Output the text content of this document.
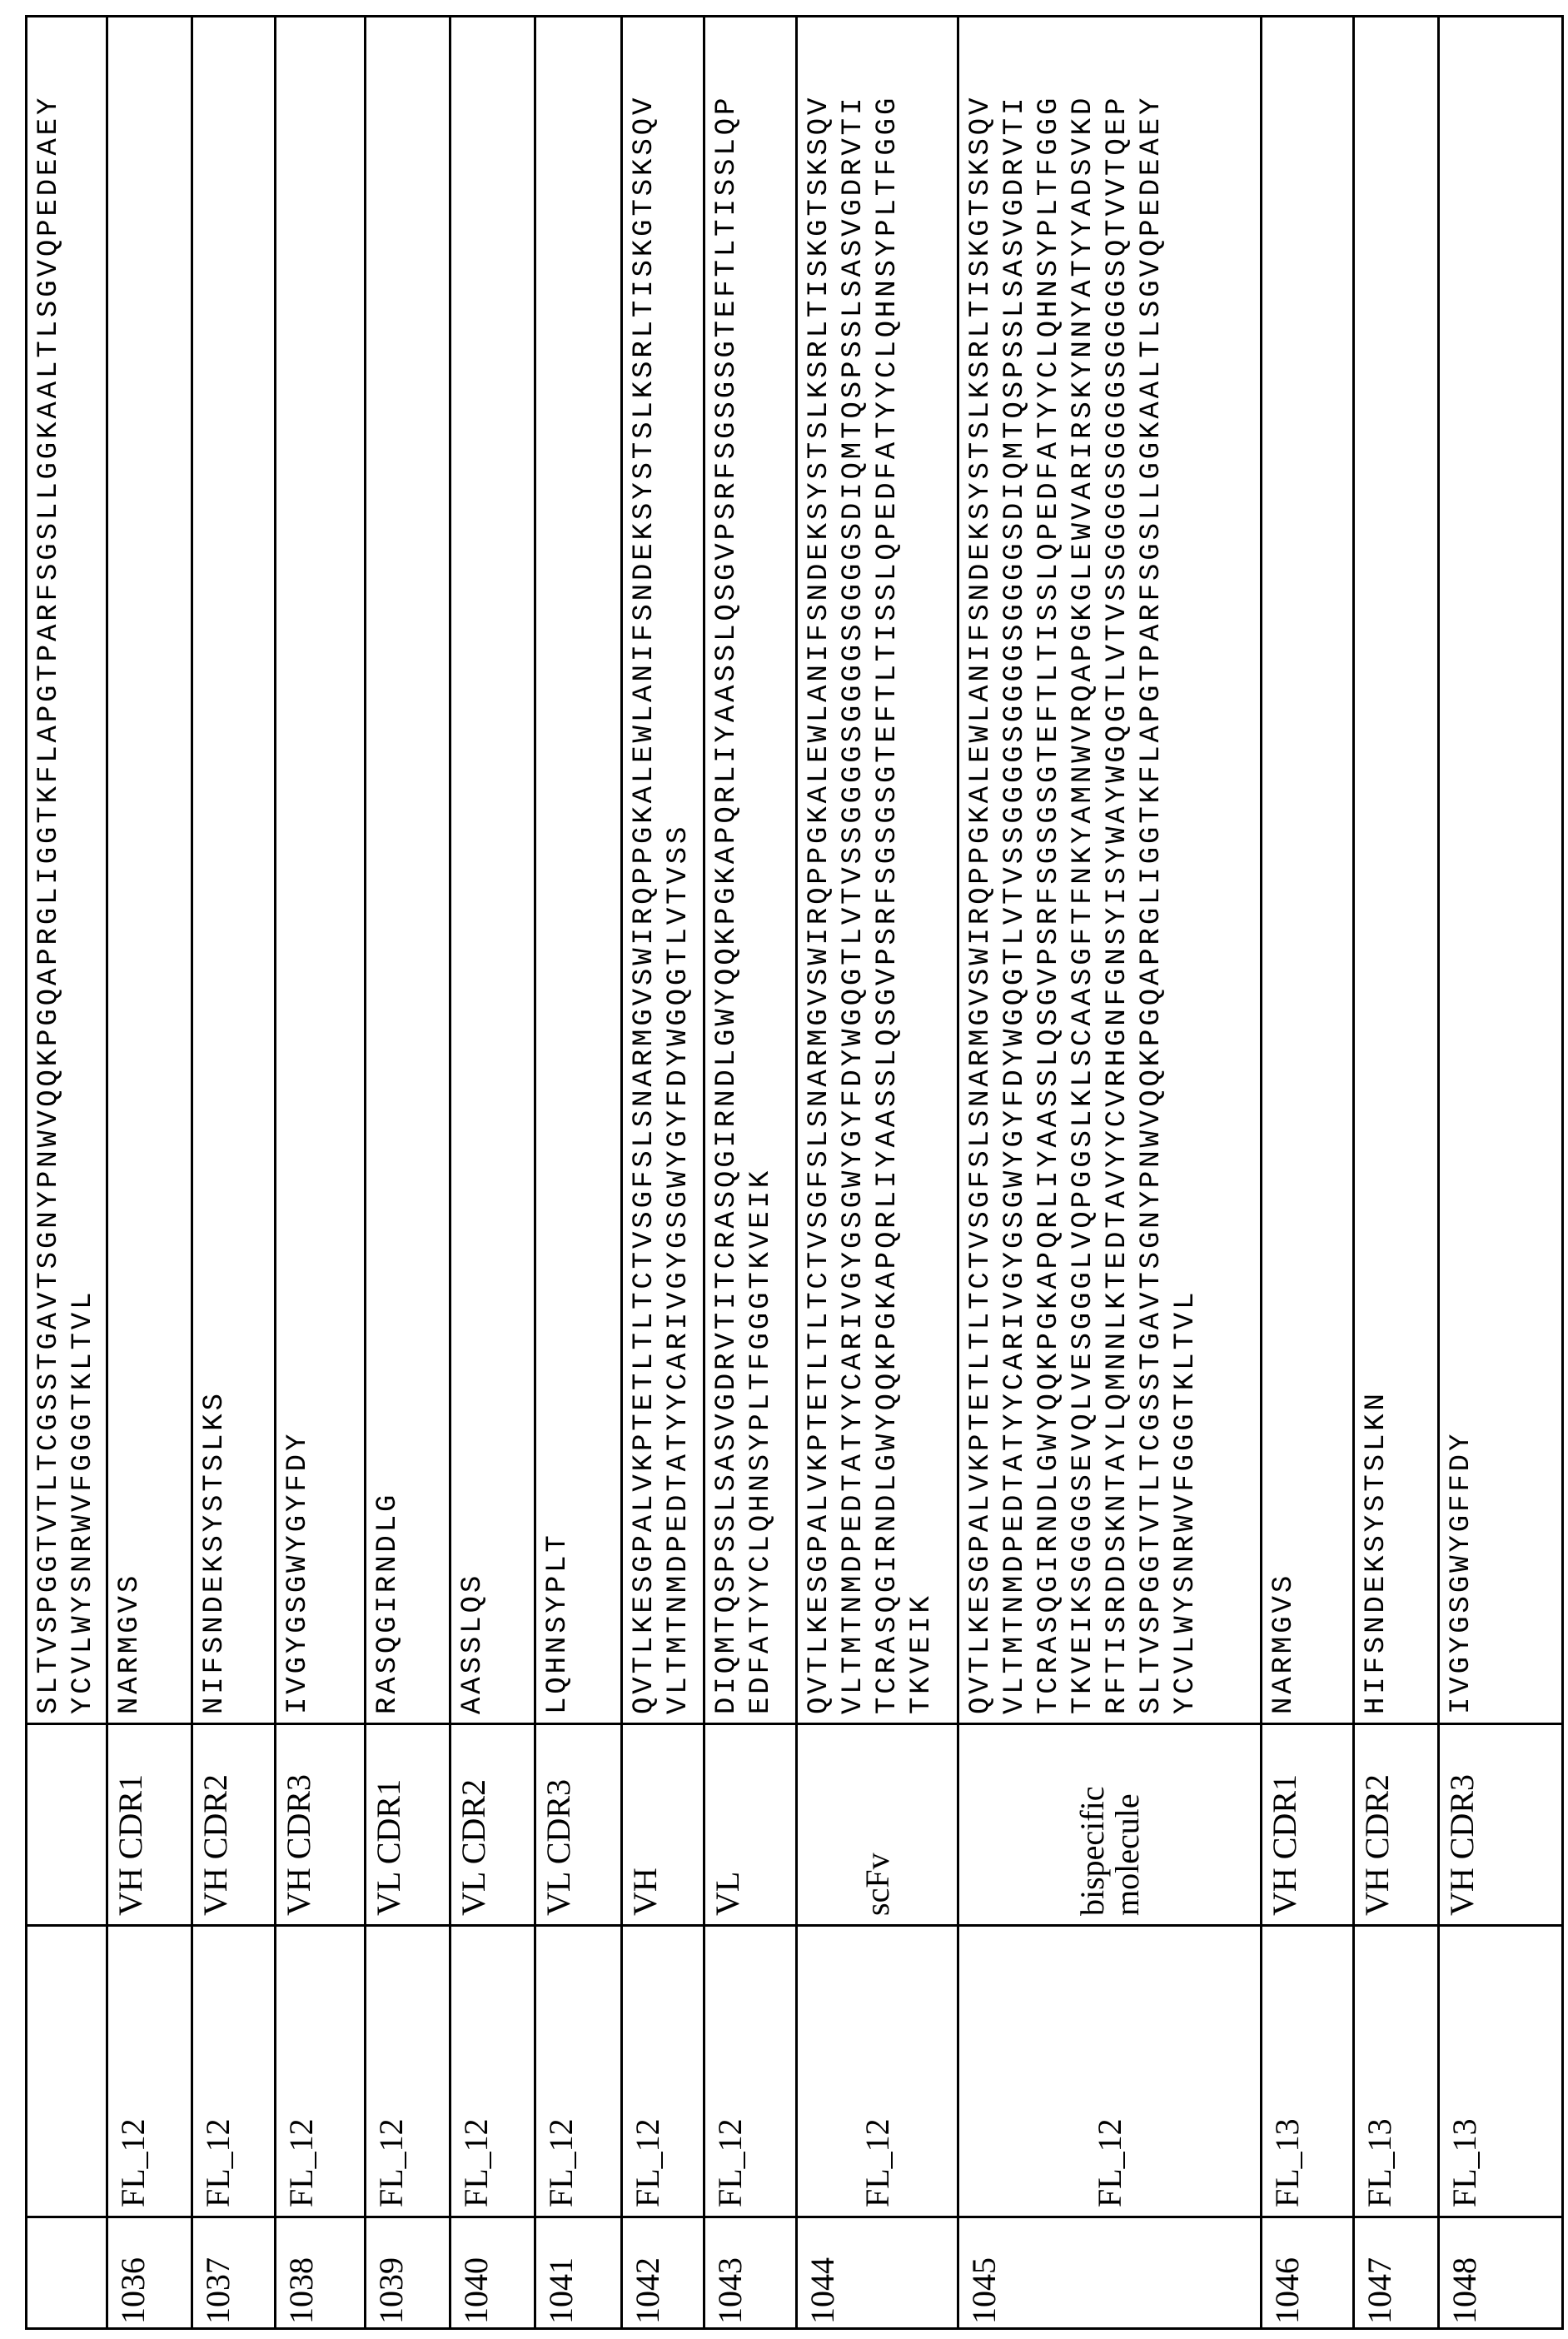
			SLTVSPGGTVTLTCGSSTGAVTSGNYPNWVQQKPGQAPRGLIGGTKFLAPGTPARFSGSLLGGKAALTLSGVQPEDEAEY
YCVLWYSNRWVFGGGTKLTVL
1036	FL_12	VH CDR1	NARMGVS
1037	FL_12	VH CDR2	NIFSNDEKSYSTSLKS
1038	FL_12	VH CDR3	IVGYGSGWYGYFDY
1039	FL_12	VL CDR1	RASQGIRNDLG
1040	FL_12	VL CDR2	AASSLQS
1041	FL_12	VL CDR3	LQHNSYPLT
1042	FL_12	VH	QVTLKESGPALVKPTETLTLTCTVSGFSLSNARMGVSWIRQPPGKALEWLANIFSNDEKSYSTSLKSRLTISKGTSKSQV
VLTMTNMDPEDTATYYCARIVGYGSGWYGYFDYWGQGTLVTVSS
1043	FL_12	VL	DIQMTQSPSSLSASVGDRVTITCRASQGIRNDLGWYQQKPGKAPQRLIYAASSLQSGVPSRFSGSGSGTEFTLTISSLQP
EDFATYYCLQHNSYPLTFGGGTKVEIK
1044	FL_12	scFv	QVTLKESGPALVKPTETLTLTCTVSGFSLSNARMGVSWIRQPPGKALEWLANIFSNDEKSYSTSLKSRLTISKGTSKSQV
VLTMTNMDPEDTATYYCARIVGYGSGWYGYFDYWGQGTLVTVSSGGGGSGGGGSGGGGSDIQMTQSPSSLSASVGDRVTI
TCRASQGIRNDLGWYQQKPGKAPQRLIYAASSLQSGVPSRFSGSGSGTEFTLTISSLQPEDFATYYCLQHNSYPLTFGGG
TKVEIK
1045	FL_12	bispecific molecule	QVTLKESGPALVKPTETLTLTCTVSGFSLSNARMGVSWIRQPPGKALEWLANIFSNDEKSYSTSLKSRLTISKGTSKSQV
VLTMTNMDPEDTATYYCARIVGYGSGWYGYFDYWGQGTLVTVSSGGGGSGGGGSGGGGSDIQMTQSPSSLSASVGDRVTI
TCRASQGIRNDLGWYQQKPGKAPQRLIYAASSLQSGVPSRFSGSGSGTEFTLTISSLQPEDFATYYCLQHNSYPLTFGGG
TKVEIKSGGGGSEVQLVESGGGLVQPGGSLKLSCAASGFTFNKYAMNWVRQAPGKGLEWVARIRSKYNNYATYYADSVKD
RFTISRDDSKNTAYLQMNNLKTEDTAVYYCVRHGNFGNSYISYWAYWGQGTLVTVSSGGGGSGGGGSGGGGSQTVVTQEP
SLTVSPGGTVTLTCGSSTGAVTSGNYPNWVQQKPGQAPRGLIGGTKFLAPGTPARFSGSLLGGKAALTLSGVQPEDEAEY
YCVLWYSNRWVFGGGTKLTVL
1046	FL_13	VH CDR1	NARMGVS
1047	FL_13	VH CDR2	HIFSNDEKSYSTSLKN
1048	FL_13	VH CDR3	IVGYGSGWYGFFDY
